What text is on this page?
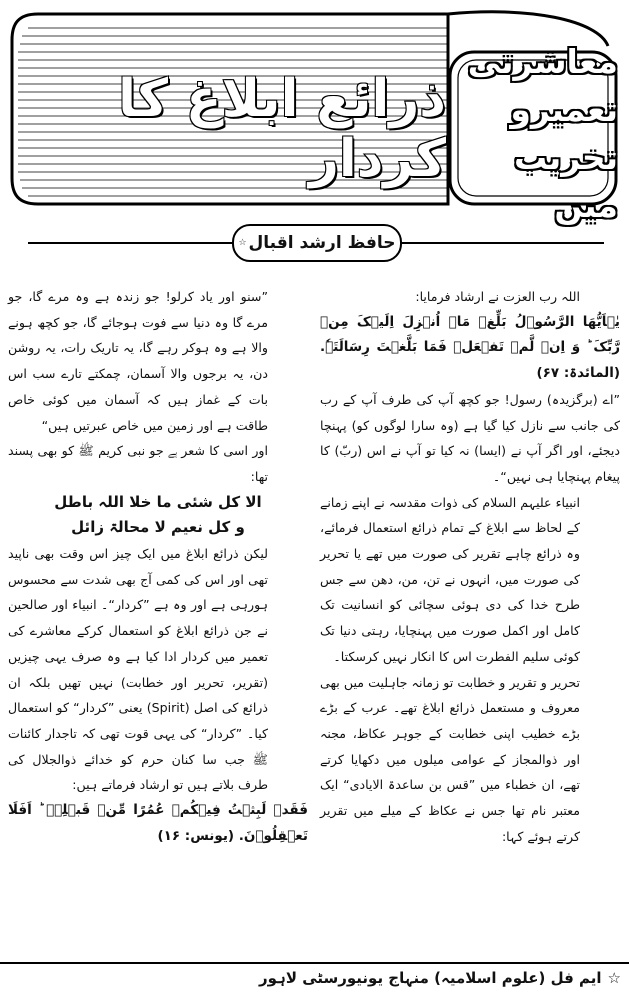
ذرائع ابلاغ کا کردار
معاشرتی تعمیرو
تخریب میں
حافظ ارشد اقبال
☆

اللہ رب العزت نے ارشاد فرمایا:

یٰۤاَیُّھَا الرَّسُوۡلُ بَلِّغۡ مَاۤ اُنۡزِلَ اِلَیۡکَ مِنۡ رَّبِّکَ ؕ وَ اِنۡ لَّمۡ تَفۡعَلۡ فَمَا بَلَّغۡتَ رِسَالَتَہٗ. (المائدۃ: ۶۷)

”اے (برگزیدہ) رسول! جو کچھ آپ کی طرف آپ کے رب کی جانب سے نازل کیا گیا ہے (وہ سارا لوگوں کو) پہنچا دیجئے، اور اگر آپ نے (ایسا) نہ کیا تو آپ نے اس (ربّ) کا پیغام پہنچایا ہی نہیں“۔

انبیاء علیہم السلام کی ذوات مقدسہ نے اپنے زمانے کے لحاظ سے ابلاغ کے تمام ذرائع استعمال فرمائے، وہ ذرائع چاہے تقریر کی صورت میں تھے یا تحریر کی صورت میں، انہوں نے تن، من، دھن سے جس طرح خدا کی دی ہوئی سچائی کو انسانیت تک کامل اور اکمل صورت میں پہنچایا، رہتی دنیا تک کوئی سلیم الفطرت اس کا انکار نہیں کرسکتا۔

تحریر و تقریر و خطابت تو زمانہ جاہلیت میں بھی معروف و مستعمل ذرائع ابلاغ تھے۔ عرب کے بڑے بڑے خطیب اپنی خطابت کے جوہر عکاظ، مجنہ اور ذوالمجاز کے عوامی میلوں میں دکھایا کرتے تھے، ان خطباء میں ”قس بن ساعدۃ الایادی“ ایک معتبر نام تھا جس نے عکاظ کے میلے میں تقریر کرتے ہوئے کہا:

”سنو اور یاد کرلو! جو زندہ ہے وہ مرے گا، جو مرے گا وہ دنیا سے فوت ہوجائے گا، جو کچھ ہونے والا ہے وہ ہوکر رہے گا، یہ تاریک رات، یہ روشن دن، یہ برجوں والا آسمان، چمکتے تارے سب اس بات کے غماز ہیں کہ آسمان میں کوئی خاص طاقت ہے اور زمین میں خاص عبرتیں ہیں“

اور اسی کا شعر ہے جو نبی کریم ﷺ کو بھی پسند تھا:

الا کل شئی ما خلا اللہ باطل

و کل نعیم لا محالۃ زائل

لیکن ذرائع ابلاغ میں ایک چیز اس وقت بھی ناپید تھی اور اس کی کمی آج بھی شدت سے محسوس ہورہی ہے اور وہ ہے ”کردار“۔ انبیاء اور صالحین نے جن ذرائع ابلاغ کو استعمال کرکے معاشرے کی تعمیر میں کردار ادا کیا ہے وہ صرف یہی چیزیں (تقریر، تحریر اور خطابت) نہیں تھیں بلکہ ان ذرائع کی اصل (Spirit) یعنی ”کردار“ کو استعمال کیا۔ ”کردار“ کی یہی قوت تھی کہ تاجدار کائنات ﷺ جب سا کنان حرم کو خدائے ذوالجلال کی طرف بلاتے ہیں تو ارشاد فرماتے ہیں:

فَقَدۡ لَبِثۡتُ فِیۡکُمۡ عُمُرًا مِّنۡ قَبۡلِہٖ ؕ اَفَلَا تَعۡقِلُوۡنَ. (یونس: ۱۶)

☆ایم فل (علوم اسلامیہ) منہاج یونیورسٹی لاہور
